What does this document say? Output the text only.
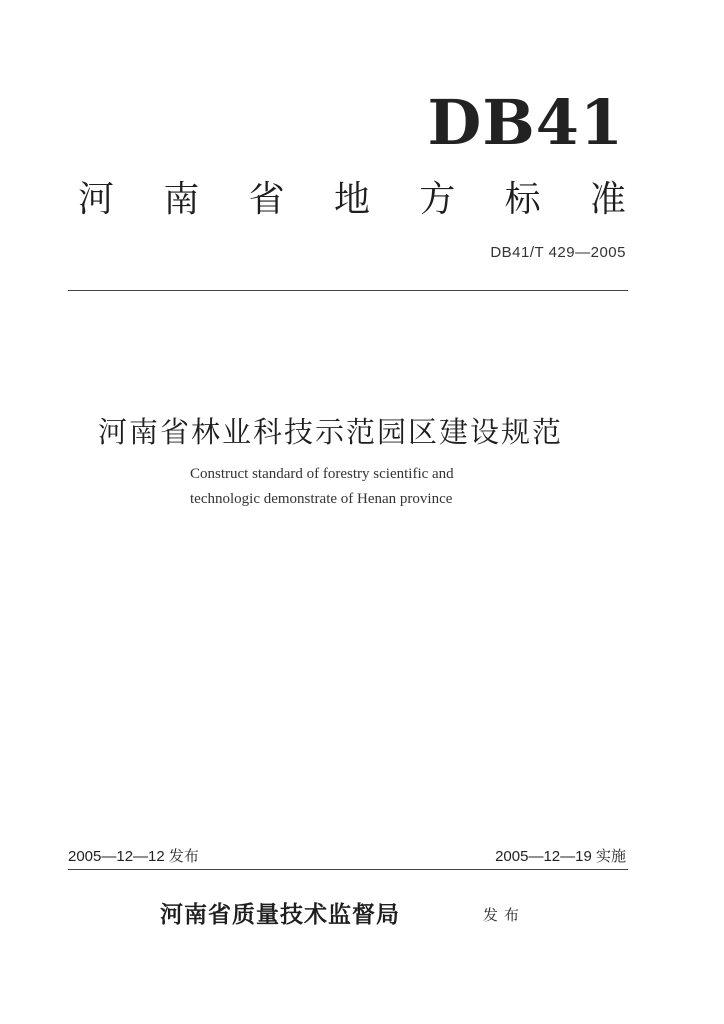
DB41
河 南 省 地 方 标 准
DB41/T 429—2005
河南省林业科技示范园区建设规范
Construct standard of forestry scientific and
technologic demonstrate of Henan province
2005—12—12 发布	2005—12—19 实施
河南省质量技术监督局	发布
